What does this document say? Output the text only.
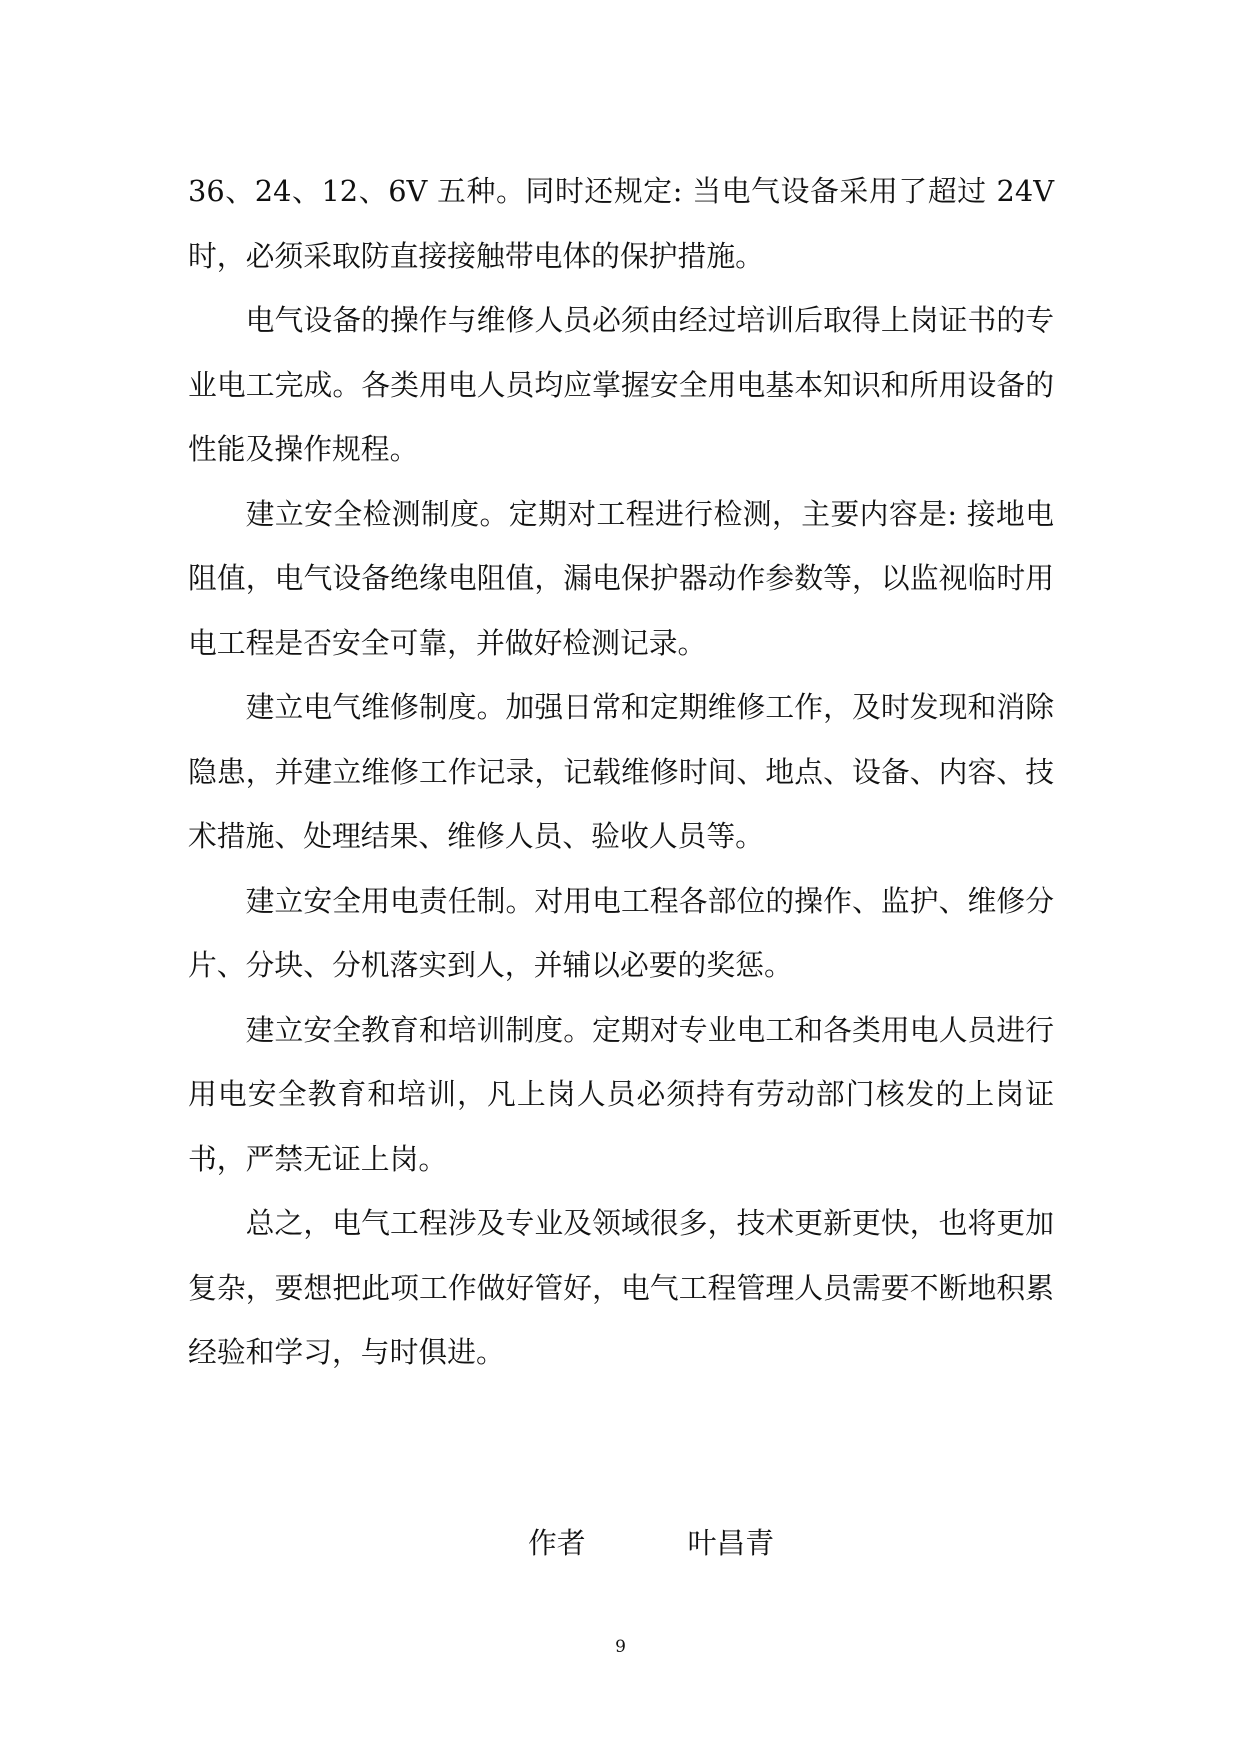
36、24、12、6V 五种。同时还规定: 当电气设备采用了超过 24V 时，必须采取防直接接触带电体的保护措施。

电气设备的操作与维修人员必须由经过培训后取得上岗证书的专业电工完成。各类用电人员均应掌握安全用电基本知识和所用设备的性能及操作规程。

建立安全检测制度。定期对工程进行检测，主要内容是: 接地电阻值，电气设备绝缘电阻值，漏电保护器动作参数等，以监视临时用电工程是否安全可靠，并做好检测记录。

建立电气维修制度。加强日常和定期维修工作，及时发现和消除隐患，并建立维修工作记录，记载维修时间、地点、设备、内容、技术措施、处理结果、维修人员、验收人员等。

建立安全用电责任制。对用电工程各部位的操作、监护、维修分片、分块、分机落实到人，并辅以必要的奖惩。

建立安全教育和培训制度。定期对专业电工和各类用电人员进行用电安全教育和培训，凡上岗人员必须持有劳动部门核发的上岗证书，严禁无证上岗。

总之，电气工程涉及专业及领域很多，技术更新更快，也将更加复杂，要想把此项工作做好管好，电气工程管理人员需要不断地积累经验和学习，与时俱进。

作者	叶昌青
9
